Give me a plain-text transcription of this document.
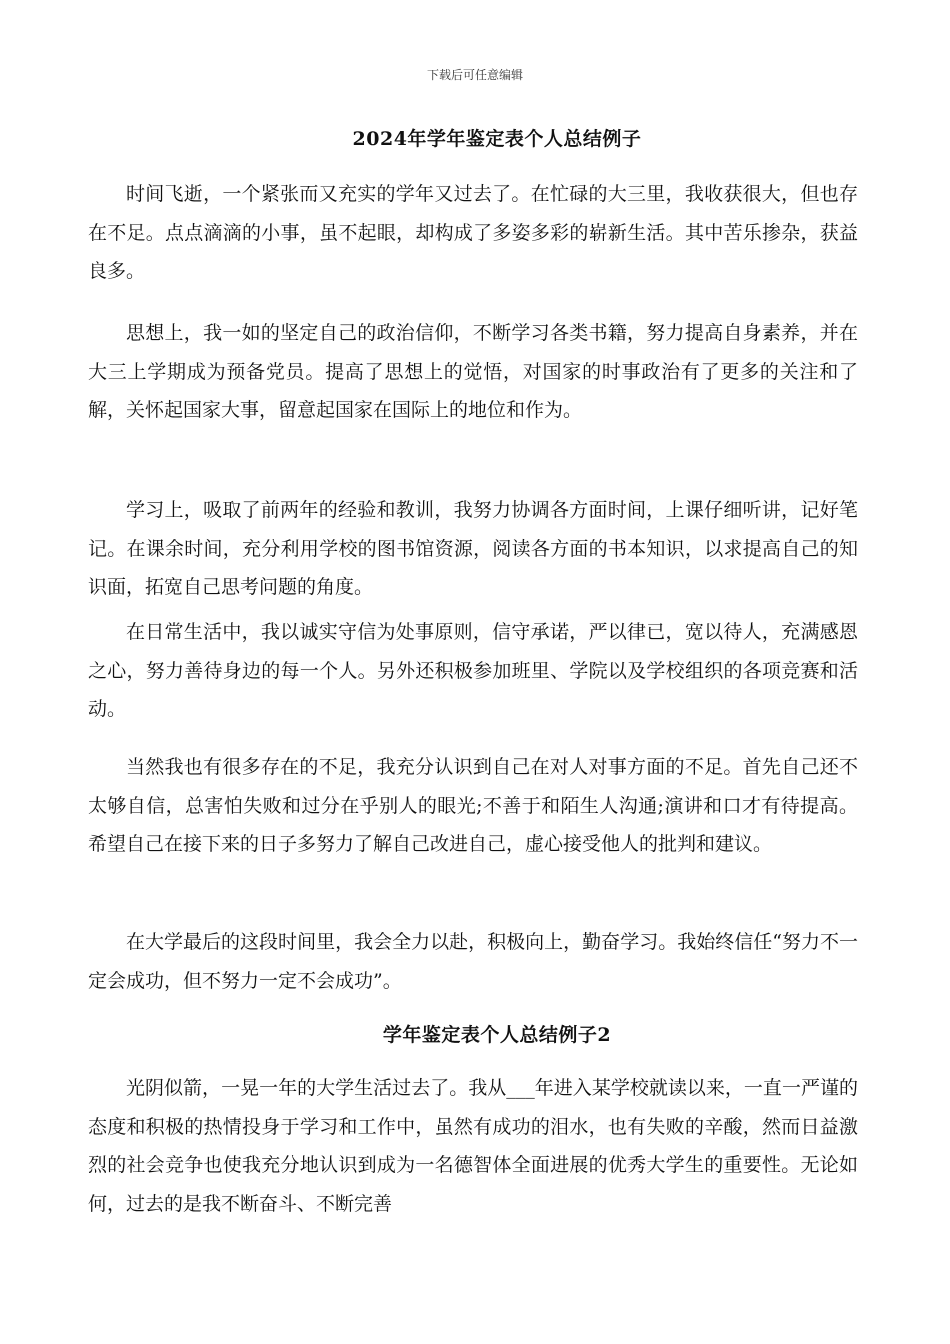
下载后可任意编辑
2024年学年鉴定表个人总结例子

时间飞逝，一个紧张而又充实的学年又过去了。在忙碌的大三里，我收获很大，但也存在不足。点点滴滴的小事，虽不起眼，却构成了多姿多彩的崭新生活。其中苦乐掺杂，获益良多。

思想上，我一如的坚定自己的政治信仰，不断学习各类书籍，努力提高自身素养，并在大三上学期成为预备党员。提高了思想上的觉悟，对国家的时事政治有了更多的关注和了解，关怀起国家大事，留意起国家在国际上的地位和作为。

学习上，吸取了前两年的经验和教训，我努力协调各方面时间，上课仔细听讲，记好笔记。在课余时间，充分利用学校的图书馆资源，阅读各方面的书本知识，以求提高自己的知识面，拓宽自己思考问题的角度。

在日常生活中，我以诚实守信为处事原则，信守承诺，严以律已，宽以待人，充满感恩之心，努力善待身边的每一个人。另外还积极参加班里、学院以及学校组织的各项竞赛和活动。

当然我也有很多存在的不足，我充分认识到自己在对人对事方面的不足。首先自己还不太够自信，总害怕失败和过分在乎别人的眼光;不善于和陌生人沟通;演讲和口才有待提高。希望自己在接下来的日子多努力了解自己改进自己，虚心接受他人的批判和建议。

在大学最后的这段时间里，我会全力以赴，积极向上，勤奋学习。我始终信任“努力不一定会成功，但不努力一定不会成功”。

学年鉴定表个人总结例子2

光阴似箭，一晃一年的大学生活过去了。我从___年进入某学校就读以来，一直一严谨的态度和积极的热情投身于学习和工作中，虽然有成功的泪水，也有失败的辛酸，然而日益激烈的社会竞争也使我充分地认识到成为一名德智体全面进展的优秀大学生的重要性。无论如何，过去的是我不断奋斗、不断完善
